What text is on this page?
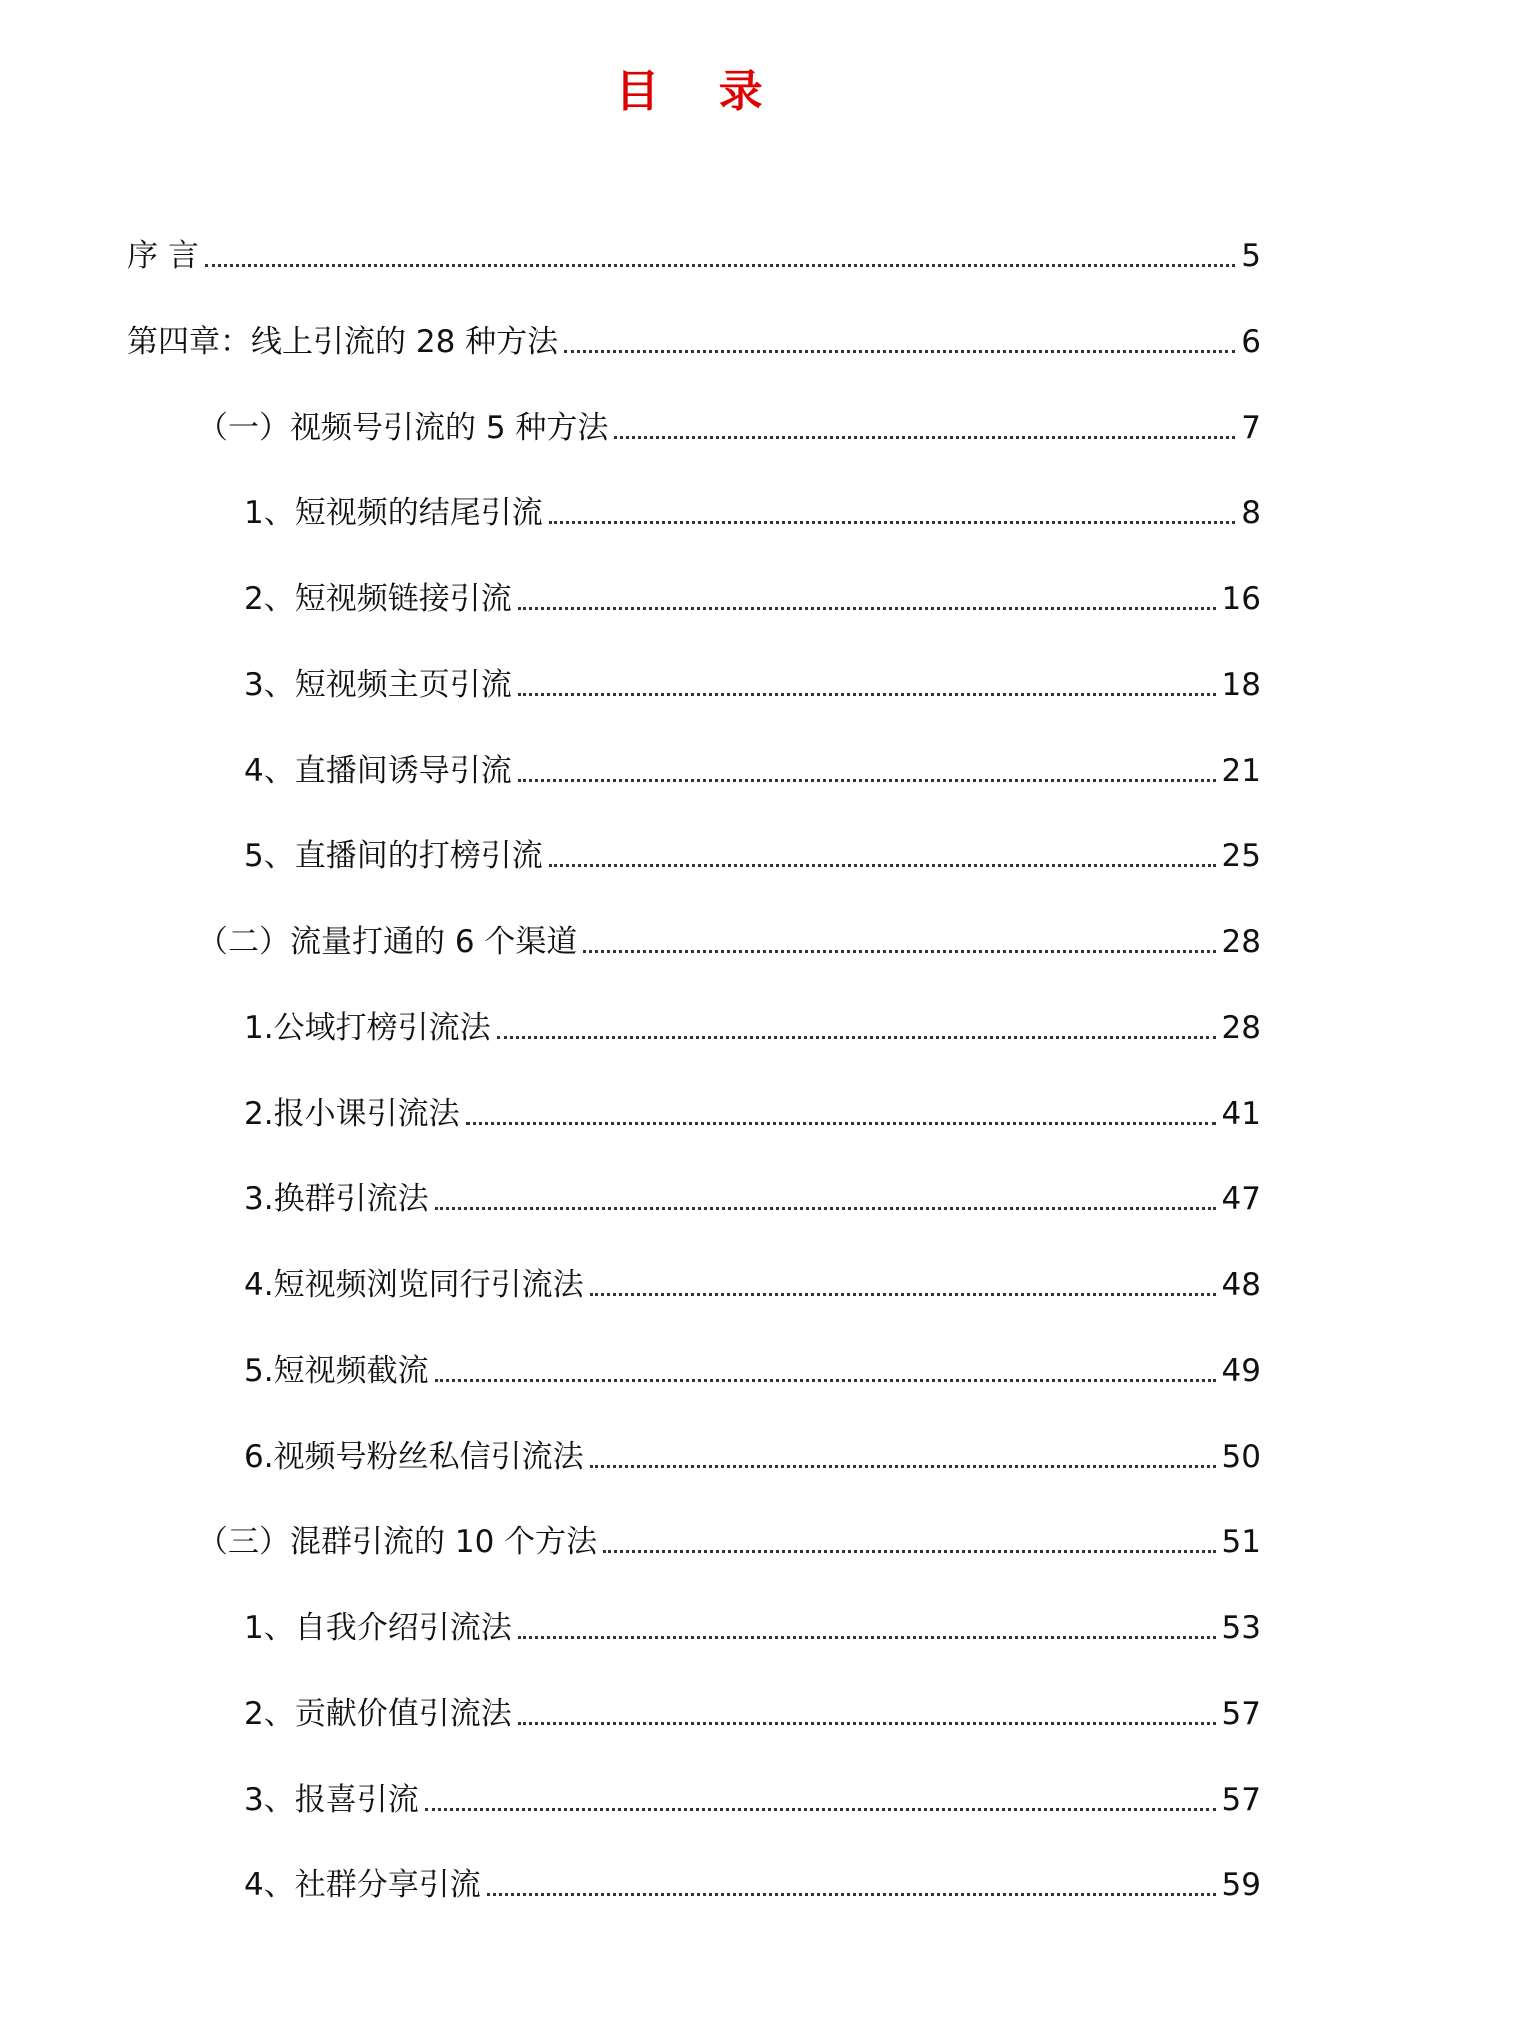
目 录
序 言	5
第四章：线上引流的 28 种方法	6
（一）视频号引流的 5 种方法	7
1、短视频的结尾引流	8
2、短视频链接引流	16
3、短视频主页引流	18
4、直播间诱导引流	21
5、直播间的打榜引流	25
（二）流量打通的 6 个渠道	28
1.公域打榜引流法	28
2.报小课引流法	41
3.换群引流法	47
4.短视频浏览同行引流法	48
5.短视频截流	49
6.视频号粉丝私信引流法	50
（三）混群引流的 10 个方法	51
1、自我介绍引流法	53
2、贡献价值引流法	57
3、报喜引流	57
4、社群分享引流	59
